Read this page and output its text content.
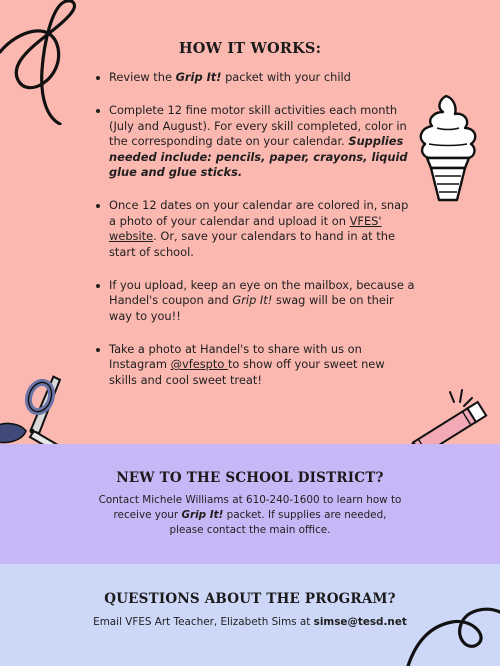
HOW IT WORKS:
Review the Grip It! packet with your child
Complete 12 fine motor skill activities each month (July and August). For every skill completed, color in the corresponding date on your calendar. Supplies needed include: pencils, paper, crayons, liquid glue and glue sticks.
Once 12 dates on your calendar are colored in, snap a photo of your calendar and upload it on VFES' website. Or, save your calendars to hand in at the start of school.
If you upload, keep an eye on the mailbox, because a Handel's coupon and Grip It! swag will be on their way to you!!
Take a photo at Handel's to share with us on Instagram @vfespto to show off your sweet new skills and cool sweet treat!
NEW TO THE SCHOOL DISTRICT?

Contact Michele Williams at 610-240-1600 to learn how to receive your Grip It! packet. If supplies are needed, please contact the main office.

QUESTIONS ABOUT THE PROGRAM?

Email VFES Art Teacher, Elizabeth Sims at simse@tesd.net
